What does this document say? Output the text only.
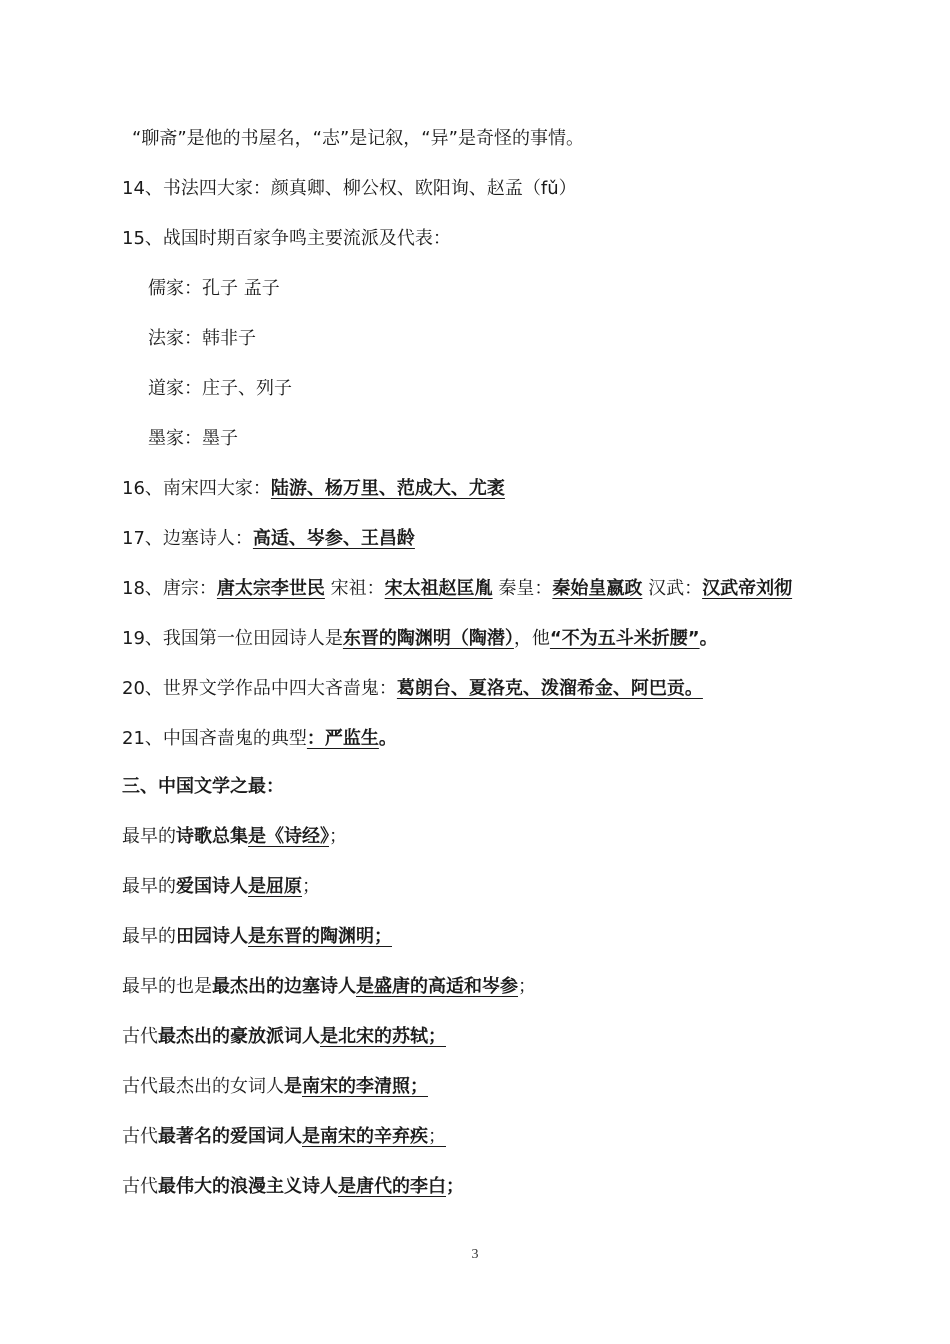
“聊斋”是他的书屋名，“志”是记叙，“异”是奇怪的事情。
14、书法四大家：颜真卿、柳公权、欧阳询、赵孟（fǔ）
15、战国时期百家争鸣主要流派及代表：
儒家：孔子 孟子
法家：韩非子
道家：庄子、列子
墨家：墨子
16、南宋四大家：陆游、杨万里、范成大、尤袤
17、边塞诗人：高适、岑参、王昌龄
18、唐宗：唐太宗李世民 宋祖：宋太祖赵匡胤 秦皇：秦始皇嬴政 汉武：汉武帝刘彻
19、我国第一位田园诗人是东晋的陶渊明（陶潜），他“不为五斗米折腰”。
20、世界文学作品中四大吝啬鬼：葛朗台、夏洛克、泼溜希金、阿巴贡。
21、中国吝啬鬼的典型：严监生。
三、中国文学之最：
最早的诗歌总集是《诗经》；
最早的爱国诗人是屈原；
最早的田园诗人是东晋的陶渊明；
最早的也是最杰出的边塞诗人是盛唐的高适和岑参；
古代最杰出的豪放派词人是北宋的苏轼；
古代最杰出的女词人是南宋的李清照；
古代最著名的爱国词人是南宋的辛弃疾；
古代最伟大的浪漫主义诗人是唐代的李白；
3
